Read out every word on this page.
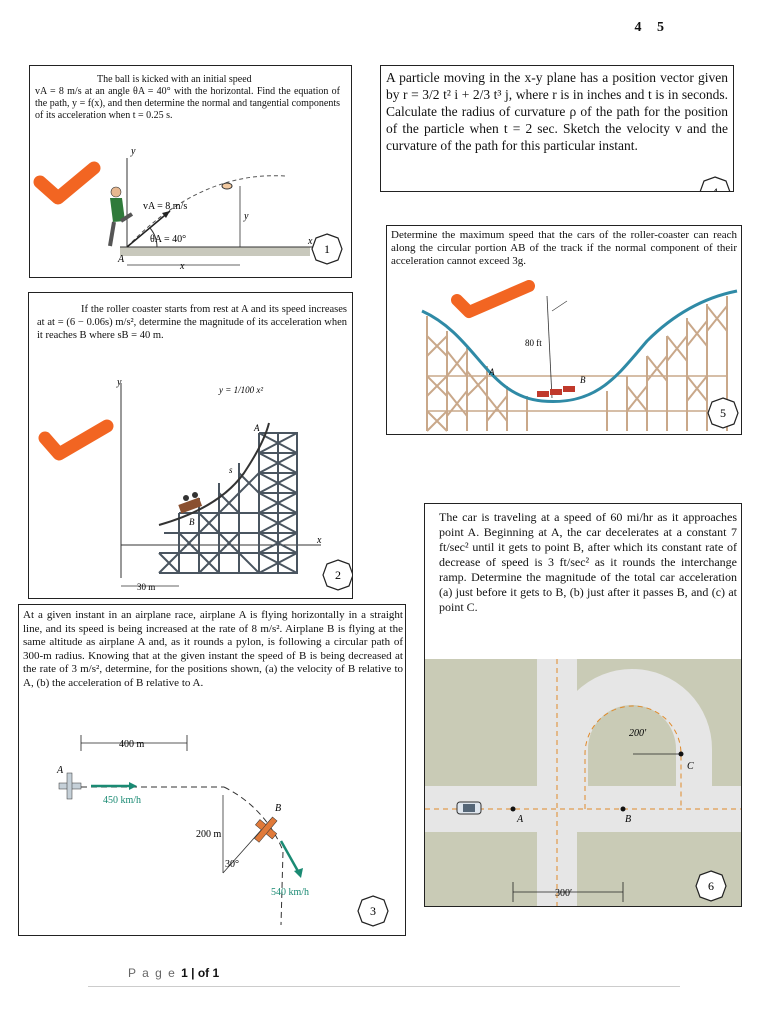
4 5
The ball is kicked with an initial speed
vA = 8 m/s at an angle θA = 40° with the horizontal. Find the equation of the path, y = f(x), and then determine the normal and tangential components of its acceleration when t = 0.25 s.
y
x
x
A
vA = 8 m/s
θA = 40°
y
1
A particle moving in the x-y plane has a position vector given by r = 3/2 t² i + 2/3 t³ j, where r is in inches and t is in seconds. Calculate the radius of curvature ρ of the path for the position of the particle when t = 2 sec. Sketch the velocity v and the curvature of the path for this particular instant.
4
Determine the maximum speed that the cars of the roller-coaster can reach along the circular portion AB of the track if the normal component of their acceleration cannot exceed 3g.
80 ft
A
B
5
If the roller coaster starts from rest at A and its speed increases at at = (6 − 0.06s) m/s², determine the magnitude of its acceleration when it reaches B where sB = 40 m.
y
x
y = 1/100 x²
A
B
s
30 m
2
The car is traveling at a speed of 60 mi/hr as it approaches point A. Beginning at A, the car decelerates at a constant 7 ft/sec² until it gets to point B, after which its constant rate of decrease of speed is 3 ft/sec² as it rounds the interchange ramp. Determine the magnitude of the total car acceleration (a) just before it gets to B, (b) just after it passes B, and (c) at point C.
200′
A	B
C
300′
6
At a given instant in an airplane race, airplane A is flying horizontally in a straight line, and its speed is being increased at the rate of 8 m/s². Airplane B is flying at the same altitude as airplane A and, as it rounds a pylon, is following a circular path of 300-m radius. Knowing that at the given instant the speed of B is being decreased at the rate of 3 m/s², determine, for the positions shown, (a) the velocity of B relative to A, (b) the acceleration of B relative to A.
400 m
A
450 km/h
200 m
30°
B
540 km/h
3
P a g e 1 | of 1
